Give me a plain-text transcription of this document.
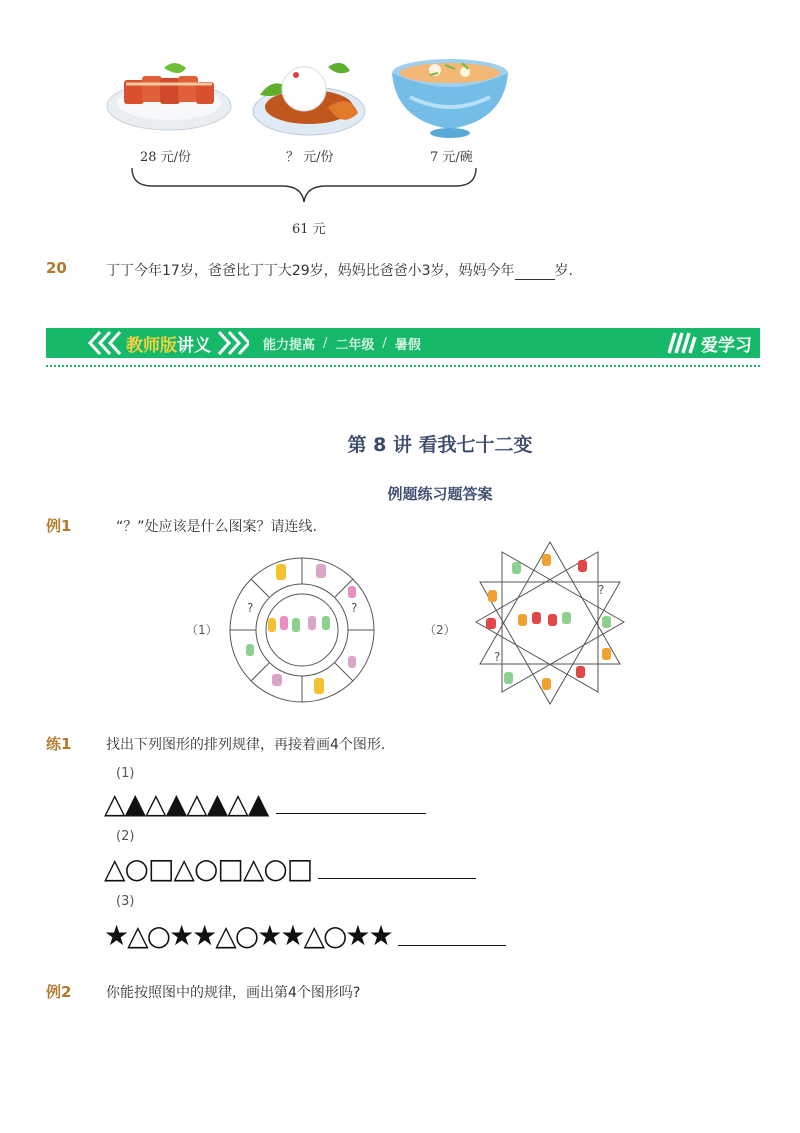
28 元/份	？ 元/份	7 元/碗
61 元
20	丁丁今年17岁，爸爸比丁丁大29岁，妈妈比爸爸小3岁，妈妈今年	岁.
教师版讲义	能力提高 / 二年级 / 暑假	爱学习
第 8 讲 看我七十二变
例题练习题答案
例1	“？”处应该是什么图案？请连线.
（1）
?	?
（2）
?
?
练1 找出下列图形的排列规律，再接着画4个图形.
(1)
△▲△▲△▲△▲
(2)
△○□△○□△○□
(3)
★△○★★△○★★△○★★
例2 你能按照图中的规律，画出第4个图形吗?
